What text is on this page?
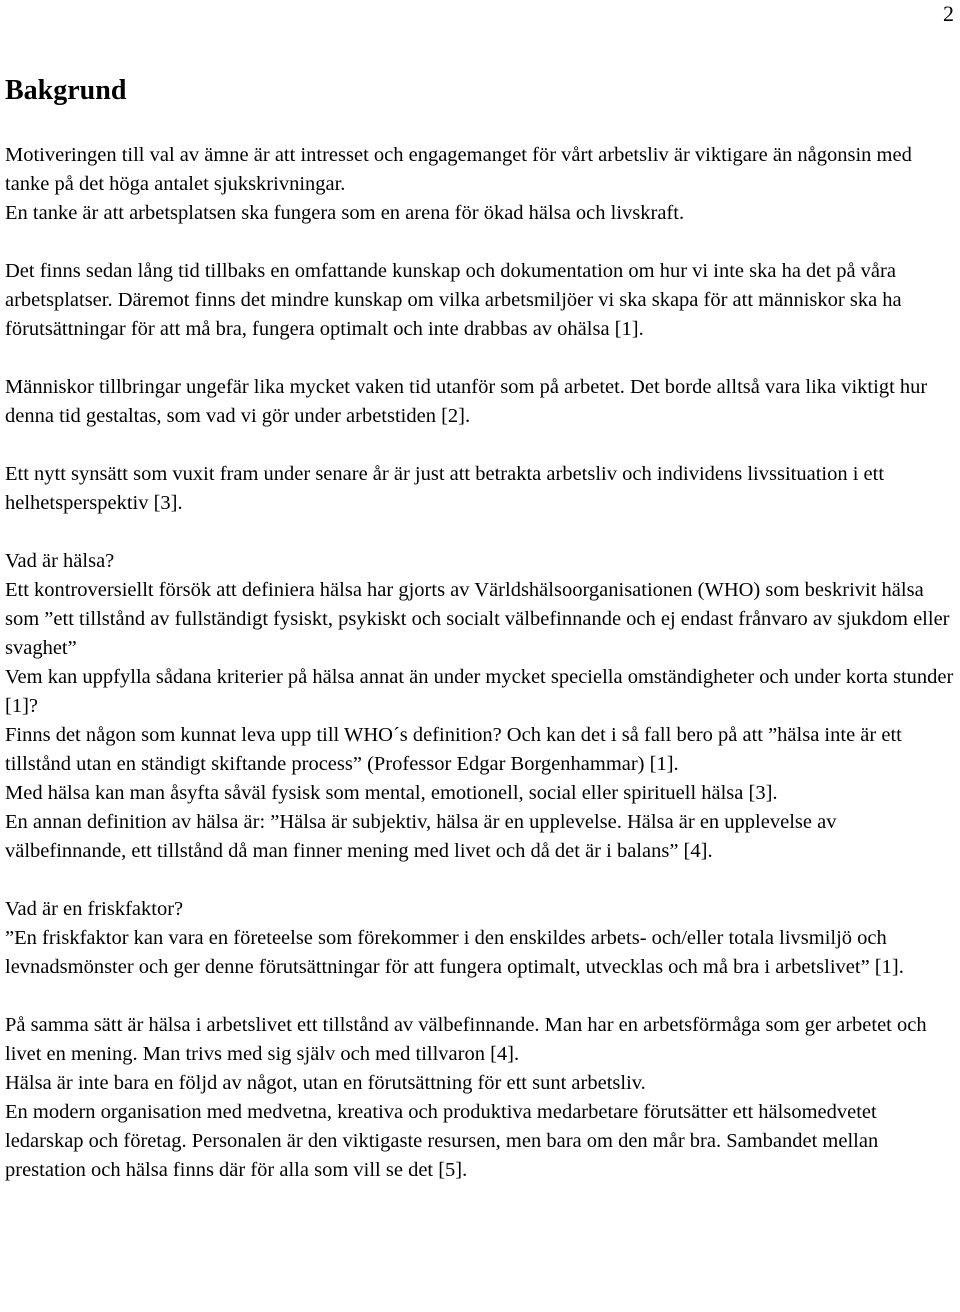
2
Bakgrund

Motiveringen till val av ämne är att intresset och engagemanget för vårt arbetsliv är viktigare än någonsin med tanke på det höga antalet sjukskrivningar.

En tanke är att arbetsplatsen ska fungera som en arena för ökad hälsa och livskraft.

Det finns sedan lång tid tillbaks en omfattande kunskap och dokumentation om hur vi inte ska ha det på våra arbetsplatser. Däremot finns det mindre kunskap om vilka arbetsmiljöer vi ska skapa för att människor ska ha förutsättningar för att må bra, fungera optimalt och inte drabbas av ohälsa [1].

Människor tillbringar ungefär lika mycket vaken tid utanför som på arbetet. Det borde alltså vara lika viktigt hur denna tid gestaltas, som vad vi gör under arbetstiden [2].

Ett nytt synsätt som vuxit fram under senare år är just att betrakta arbetsliv och individens livssituation i ett helhetsperspektiv [3].

Vad är hälsa?

Ett kontroversiellt försök att definiera hälsa har gjorts av Världshälsoorganisationen (WHO) som beskrivit hälsa som ”ett tillstånd av fullständigt fysiskt, psykiskt och socialt välbefinnande och ej endast frånvaro av sjukdom eller svaghet”

Vem kan uppfylla sådana kriterier på hälsa annat än under mycket speciella omständigheter och under korta stunder [1]?

Finns det någon som kunnat leva upp till WHO´s definition? Och kan det i så fall bero på att ”hälsa inte är ett tillstånd utan en ständigt skiftande process” (Professor Edgar Borgenhammar) [1].

Med hälsa kan man åsyfta såväl fysisk som mental, emotionell, social eller spirituell hälsa [3].

En annan definition av hälsa är: ”Hälsa är subjektiv, hälsa är en upplevelse. Hälsa är en upplevelse av välbefinnande, ett tillstånd då man finner mening med livet och då det är i balans” [4].

Vad är en friskfaktor?

”En friskfaktor kan vara en företeelse som förekommer i den enskildes arbets- och/eller totala livsmiljö och levnadsmönster och ger denne förutsättningar för att fungera optimalt, utvecklas och må bra i arbetslivet” [1].

På samma sätt är hälsa i arbetslivet ett tillstånd av välbefinnande. Man har en arbetsförmåga som ger arbetet och livet en mening. Man trivs med sig själv och med tillvaron [4].

Hälsa är inte bara en följd av något, utan en förutsättning för ett sunt arbetsliv.

En modern organisation med medvetna, kreativa och produktiva medarbetare förutsätter ett hälsomedvetet ledarskap och företag. Personalen är den viktigaste resursen, men bara om den mår bra. Sambandet mellan prestation och hälsa finns där för alla som vill se det [5].
